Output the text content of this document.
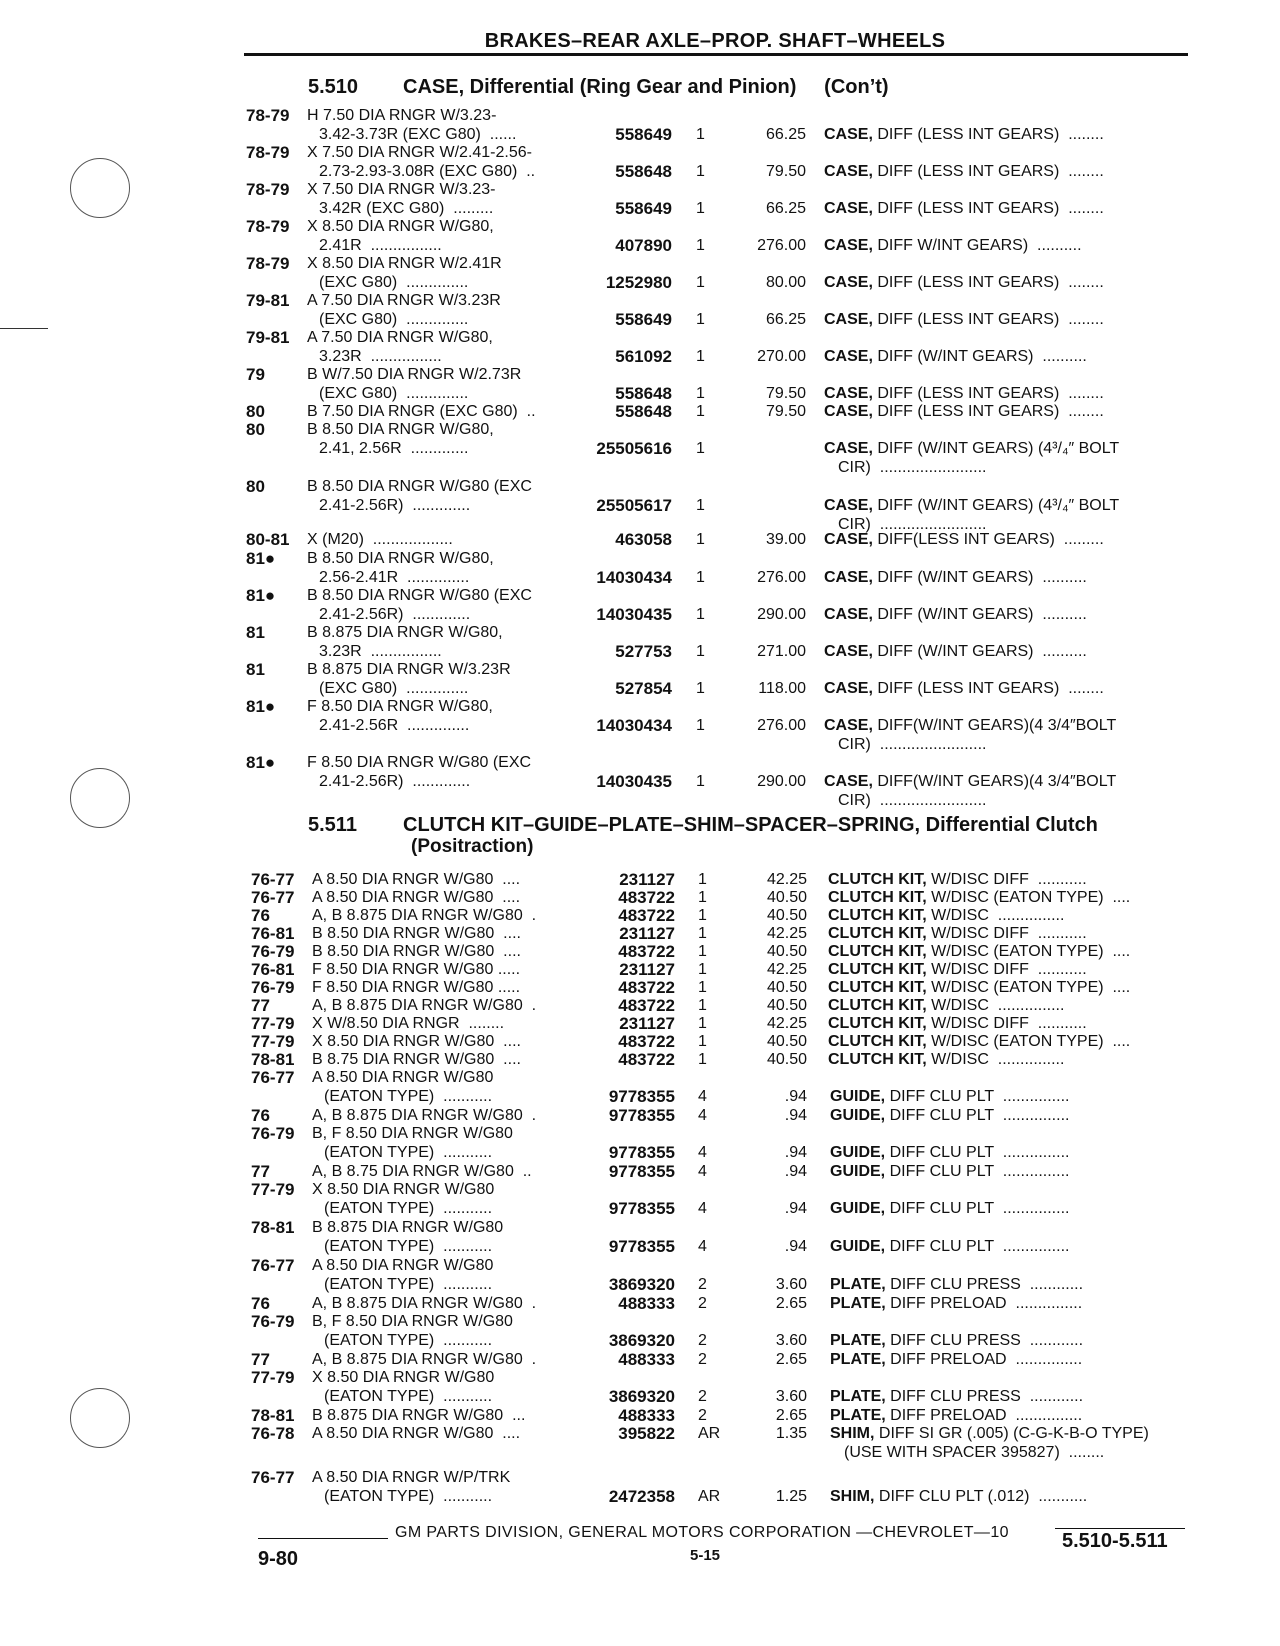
BRAKES–REAR AXLE–PROP. SHAFT–WHEELS
5.510 CASE, Differential (Ring Gear and Pinion)     (Con’t)
5.511 CLUTCH KIT–GUIDE–PLATE–SHIM–SPACER–SPRING, Differential Clutch
(Positraction)
78-79 H 7.50 DIA RNGR W/3.23-
3.42-3.73R (EXC G80)  ......	558649 1	66.25 CASE, DIFF (LESS INT GEARS)  ........
78-79 X 7.50 DIA RNGR W/2.41-2.56-
2.73-2.93-3.08R (EXC G80)  ..	558648 1	79.50 CASE, DIFF (LESS INT GEARS)  ........
78-79 X 7.50 DIA RNGR W/3.23-
3.42R (EXC G80)  .........	558649 1	66.25 CASE, DIFF (LESS INT GEARS)  ........
78-79 X 8.50 DIA RNGR W/G80,
2.41R  ................	407890 1	276.00 CASE, DIFF W/INT GEARS)  ..........
78-79 X 8.50 DIA RNGR W/2.41R
(EXC G80)  ..............	1252980 1	80.00 CASE, DIFF (LESS INT GEARS)  ........
79-81 A 7.50 DIA RNGR W/3.23R
(EXC G80)  ..............	558649 1	66.25 CASE, DIFF (LESS INT GEARS)  ........
79-81 A 7.50 DIA RNGR W/G80,
3.23R  ................	561092 1	270.00 CASE, DIFF (W/INT GEARS)  ..........
79	B W/7.50 DIA RNGR W/2.73R
(EXC G80)  ..............	558648 1	79.50 CASE, DIFF (LESS INT GEARS)  ........
80	B 7.50 DIA RNGR (EXC G80)  ..	558648 1	79.50 CASE, DIFF (LESS INT GEARS)  ........
80	B 8.50 DIA RNGR W/G80,
2.41, 2.56R  .............	25505616 1	CASE, DIFF (W/INT GEARS) (4³/₄″ BOLT
CIR)  ........................
80	B 8.50 DIA RNGR W/G80 (EXC
2.41-2.56R)  .............	25505617 1	CASE, DIFF (W/INT GEARS) (4³/₄″ BOLT
CIR)  ........................
80-81 X (M20)  ..................	463058 1	39.00 CASE, DIFF(LESS INT GEARS)  .........
81● B 8.50 DIA RNGR W/G80,
2.56-2.41R  ..............	14030434 1	276.00 CASE, DIFF (W/INT GEARS)  ..........
81● B 8.50 DIA RNGR W/G80 (EXC
2.41-2.56R)  .............	14030435 1	290.00 CASE, DIFF (W/INT GEARS)  ..........
81	B 8.875 DIA RNGR W/G80,
3.23R  ................	527753 1	271.00 CASE, DIFF (W/INT GEARS)  ..........
81	B 8.875 DIA RNGR W/3.23R
(EXC G80)  ..............	527854 1	118.00 CASE, DIFF (LESS INT GEARS)  ........
81● F 8.50 DIA RNGR W/G80,
2.41-2.56R  ..............	14030434 1	276.00 CASE, DIFF(W/INT GEARS)(4 3/4″BOLT
CIR)  ........................
81● F 8.50 DIA RNGR W/G80 (EXC
2.41-2.56R)  .............	14030435 1	290.00 CASE, DIFF(W/INT GEARS)(4 3/4″BOLT
CIR)  ........................
76-77 A 8.50 DIA RNGR W/G80  ....	231127 1	42.25 CLUTCH KIT, W/DISC DIFF  ...........
76-77 A 8.50 DIA RNGR W/G80  ....	483722 1	40.50 CLUTCH KIT, W/DISC (EATON TYPE)  ....
76	A, B 8.875 DIA RNGR W/G80  .	483722 1	40.50 CLUTCH KIT, W/DISC  ...............
76-81 B 8.50 DIA RNGR W/G80  ....	231127 1	42.25 CLUTCH KIT, W/DISC DIFF  ...........
76-79 B 8.50 DIA RNGR W/G80  ....	483722 1	40.50 CLUTCH KIT, W/DISC (EATON TYPE)  ....
76-81 F 8.50 DIA RNGR W/G80 .....	231127 1	42.25 CLUTCH KIT, W/DISC DIFF  ...........
76-79 F 8.50 DIA RNGR W/G80 .....	483722 1	40.50 CLUTCH KIT, W/DISC (EATON TYPE)  ....
77	A, B 8.875 DIA RNGR W/G80  .	483722 1	40.50 CLUTCH KIT, W/DISC  ...............
77-79 X W/8.50 DIA RNGR  ........	231127 1	42.25 CLUTCH KIT, W/DISC DIFF  ...........
77-79 X 8.50 DIA RNGR W/G80  ....	483722 1	40.50 CLUTCH KIT, W/DISC (EATON TYPE)  ....
78-81 B 8.75 DIA RNGR W/G80  ....	483722 1	40.50 CLUTCH KIT, W/DISC  ...............
76-77 A 8.50 DIA RNGR W/G80
(EATON TYPE)  ...........	9778355 4	.94 GUIDE, DIFF CLU PLT  ...............
76	A, B 8.875 DIA RNGR W/G80  .	9778355 4	.94 GUIDE, DIFF CLU PLT  ...............
76-79 B, F 8.50 DIA RNGR W/G80
(EATON TYPE)  ...........	9778355 4	.94 GUIDE, DIFF CLU PLT  ...............
77	A, B 8.75 DIA RNGR W/G80  ..	9778355 4	.94 GUIDE, DIFF CLU PLT  ...............
77-79 X 8.50 DIA RNGR W/G80
(EATON TYPE)  ...........	9778355 4	.94 GUIDE, DIFF CLU PLT  ...............
78-81 B 8.875 DIA RNGR W/G80
(EATON TYPE)  ...........	9778355 4	.94 GUIDE, DIFF CLU PLT  ...............
76-77 A 8.50 DIA RNGR W/G80
(EATON TYPE)  ...........	3869320 2	3.60 PLATE, DIFF CLU PRESS  ............
76	A, B 8.875 DIA RNGR W/G80  .	488333 2	2.65 PLATE, DIFF PRELOAD  ...............
76-79 B, F 8.50 DIA RNGR W/G80
(EATON TYPE)  ...........	3869320 2	3.60 PLATE, DIFF CLU PRESS  ............
77	A, B 8.875 DIA RNGR W/G80  .	488333 2	2.65 PLATE, DIFF PRELOAD  ...............
77-79 X 8.50 DIA RNGR W/G80
(EATON TYPE)  ...........	3869320 2	3.60 PLATE, DIFF CLU PRESS  ............
78-81 B 8.875 DIA RNGR W/G80  ...	488333 2	2.65 PLATE, DIFF PRELOAD  ...............
76-78 A 8.50 DIA RNGR W/G80  ....	395822 AR	1.35 SHIM, DIFF SI GR (.005) (C-G-K-B-O TYPE)
(USE WITH SPACER 395827)  ........
76-77 A 8.50 DIA RNGR W/P/TRK
(EATON TYPE)  ...........	2472358 AR	1.25 SHIM, DIFF CLU PLT (.012)  ...........
GM PARTS DIVISION, GENERAL MOTORS CORPORATION —CHEVROLET—10
5-15
9-80
5.510-5.511
